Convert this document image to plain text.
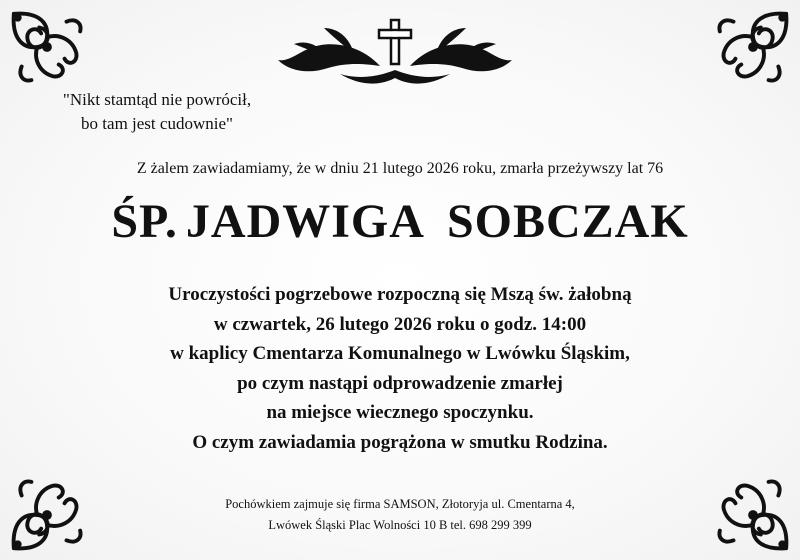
"Nikt stamtąd nie powrócił,
bo tam jest cudownie"
Z żalem zawiadamiamy, że w dniu 21 lutego 2026 roku, zmarła przeżywszy lat 76
ŚP. JADWIGA SOBCZAK
Uroczystości pogrzebowe rozpoczną się Mszą św. żałobną
w czwartek, 26 lutego 2026 roku o godz. 14:00
w kaplicy Cmentarza Komunalnego w Lwówku Śląskim,
po czym nastąpi odprowadzenie zmarłej
na miejsce wiecznego spoczynku.
O czym zawiadamia pogrążona w smutku Rodzina.
Pochówkiem zajmuje się firma SAMSON, Złotoryja ul. Cmentarna 4,
Lwówek Śląski Plac Wolności 10 B tel. 698 299 399
